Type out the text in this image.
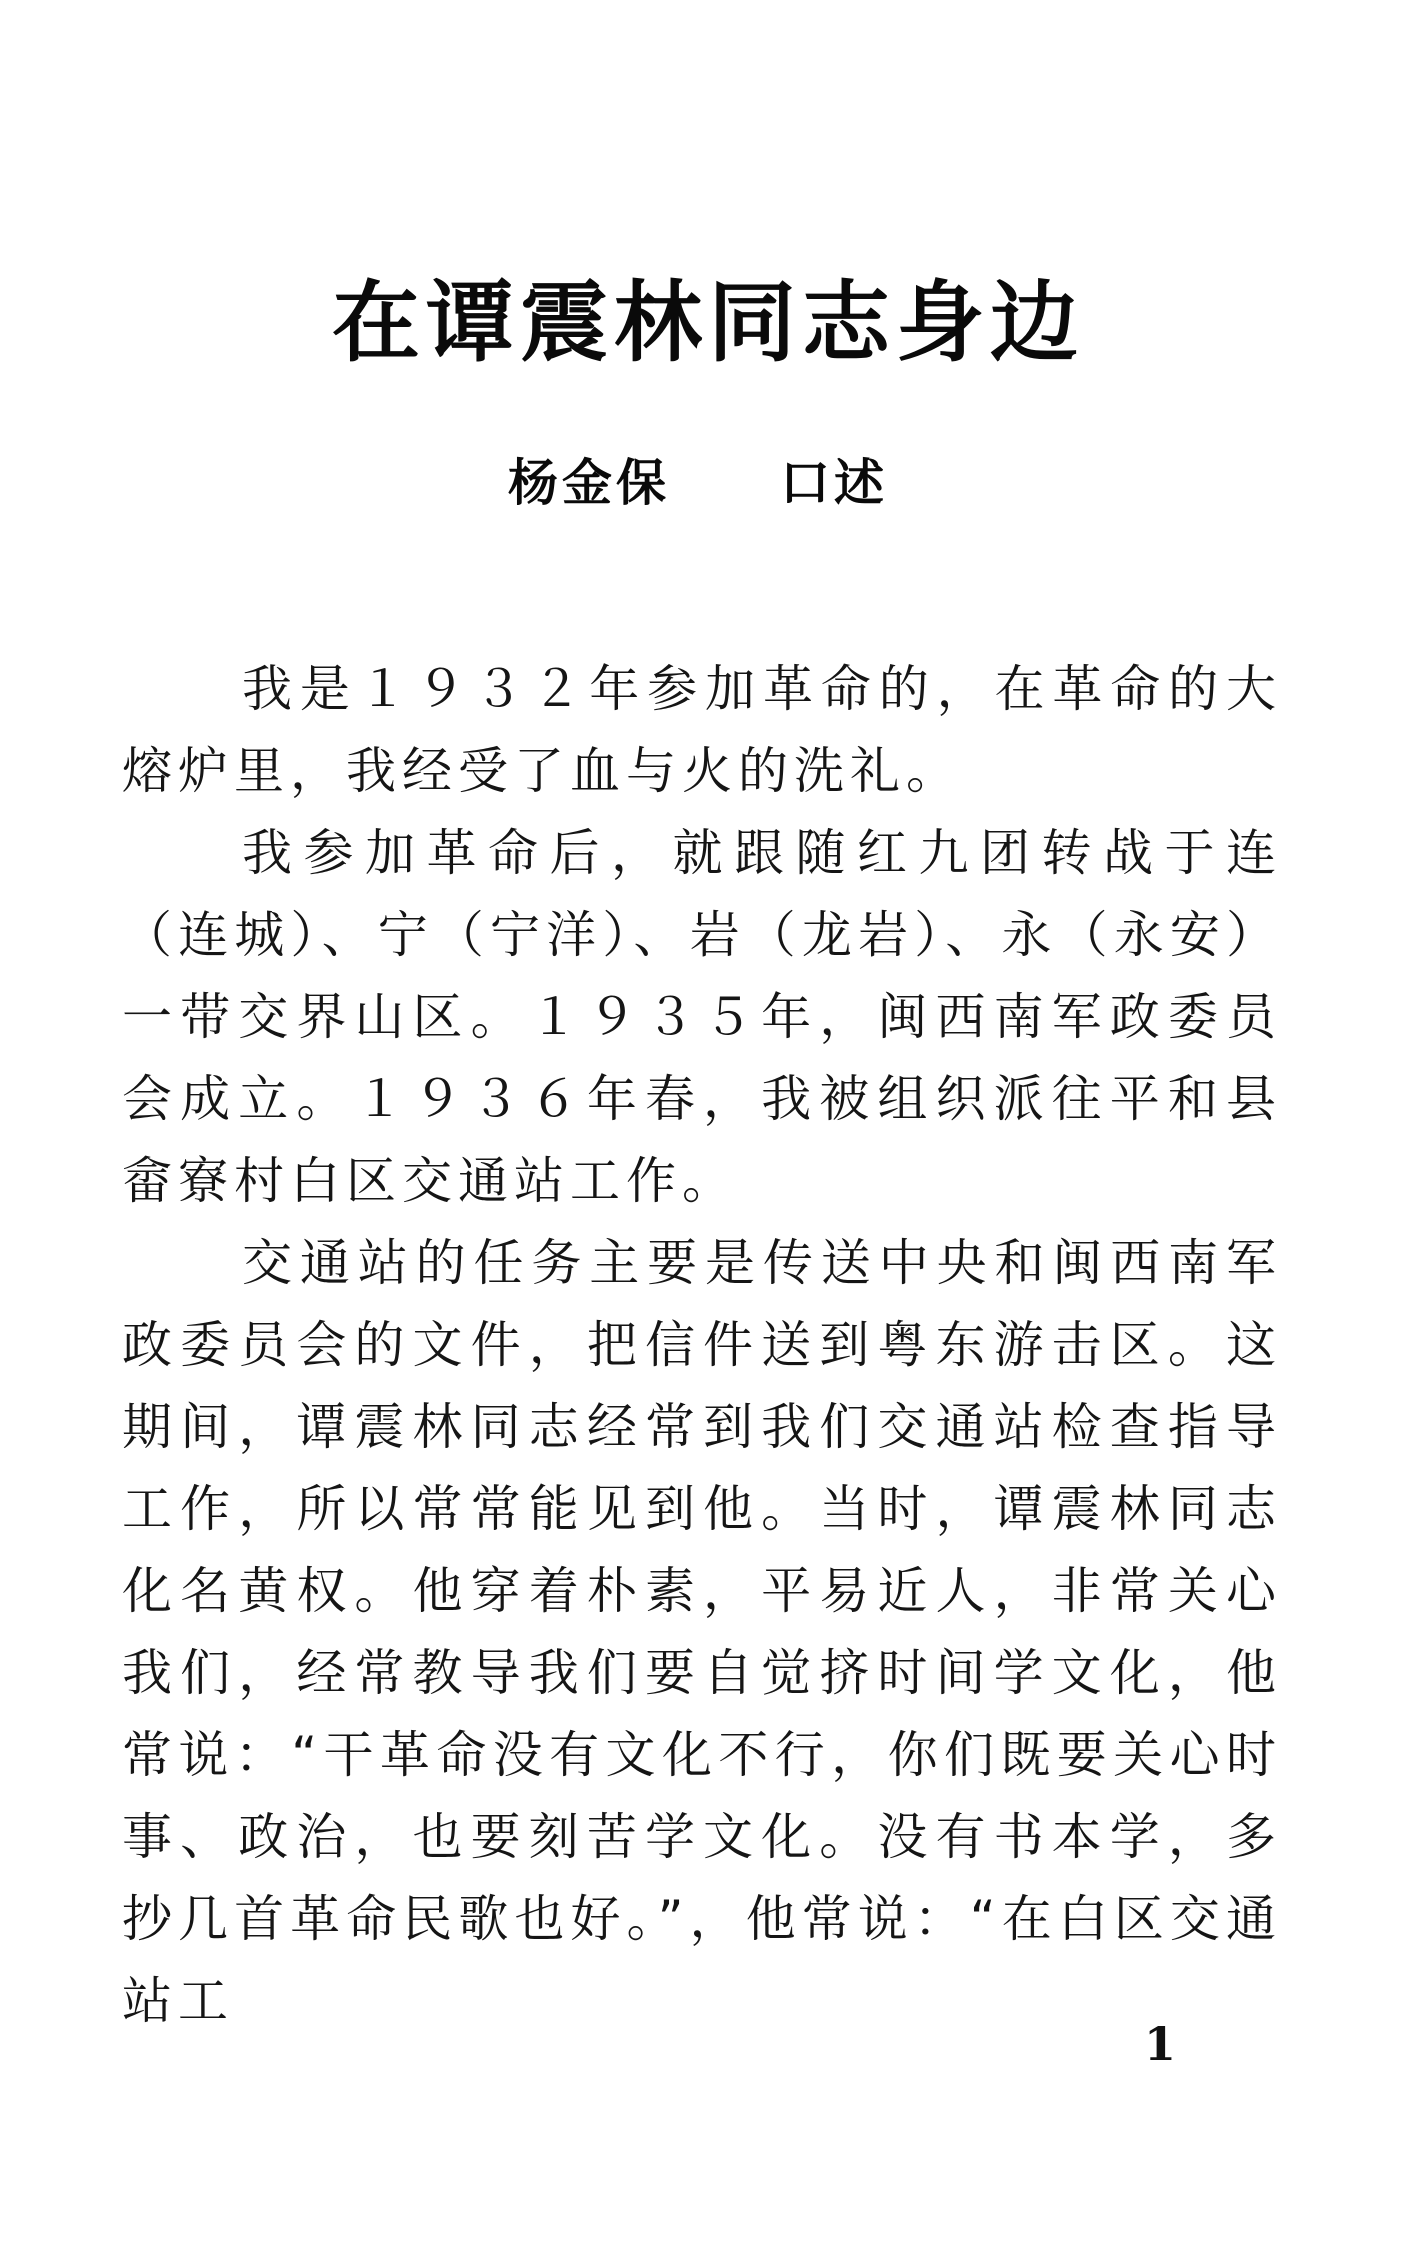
在谭震林同志身边
杨金保 口述

我是１９３２年参加革命的，在革命的大熔炉里，我经受了血与火的洗礼。

我参加革命后，就跟随红九团转战于连（连城）、宁（宁洋）、岩（龙岩）、永（永安）一带交界山区。１９３５年，闽西南军政委员会成立。１９３６年春，我被组织派往平和县畲寮村白区交通站工作。

交通站的任务主要是传送中央和闽西南军政委员会的文件，把信件送到粤东游击区。这期间，谭震林同志经常到我们交通站检查指导工作，所以常常能见到他。当时，谭震林同志化名黄权。他穿着朴素，平易近人，非常关心我们，经常教导我们要自觉挤时间学文化，他常说：“干革命没有文化不行，你们既要关心时事、政治，也要刻苦学文化。没有书本学，多抄几首革命民歌也好。”，他常说：“在白区交通站工

1
